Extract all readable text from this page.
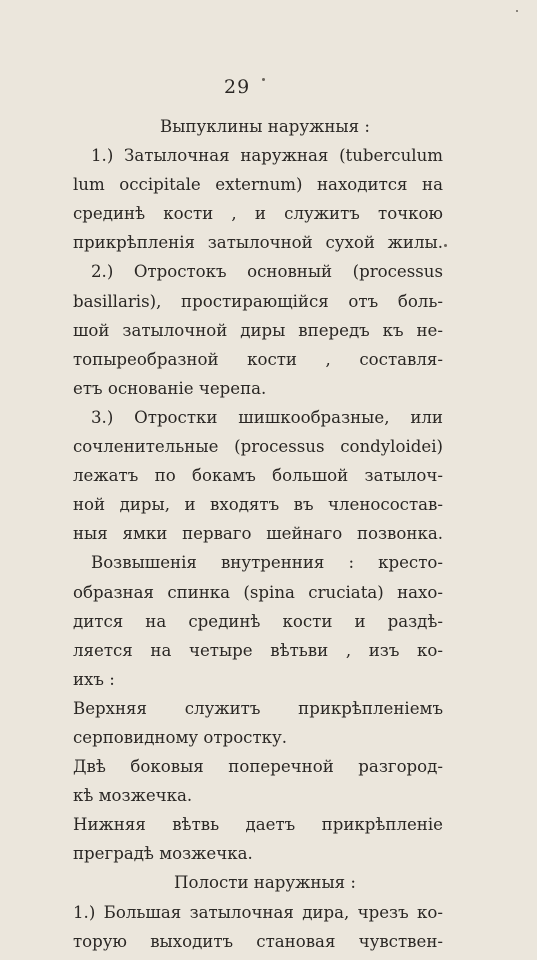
29
Выпуклины наружныя :
1.) Затылочная наружная (tuberculum
lum occipitale externum) находится на
срединѣ кости , и служитъ точкою
прикрѣпленія затылочной сухой жилы.
2.) Отростокъ основный (processus
basillaris), простирающійся отъ боль-
шой затылочной диры впередъ къ не-
топыреобразной кости , составля-
етъ основаніе черепа.
3.) Отростки шишкообразные, или
сочленительные (processus condyloidei)
лежатъ по бокамъ большой затылоч-
ной диры, и входятъ въ членосостав-
ныя ямки перваго шейнаго позвонка.
Возвышенія внутренния : кресто-
образная спинка (spina cruciata) нахо-
дится на срединѣ кости и раздѣ-
ляется на четыре вѣтьви , изъ ко-
ихъ :
Верхняя служитъ прикрѣпленіемъ
серповидному отростку.
Двѣ боковыя поперечной разгород-
кѣ мозжечка.
Нижняя вѣтвь даетъ прикрѣпленіе
преградѣ мозжечка.
Полости наружныя :
1.) Большая затылочная дира, чрезъ ко-
торую выходитъ становая чувствен-
